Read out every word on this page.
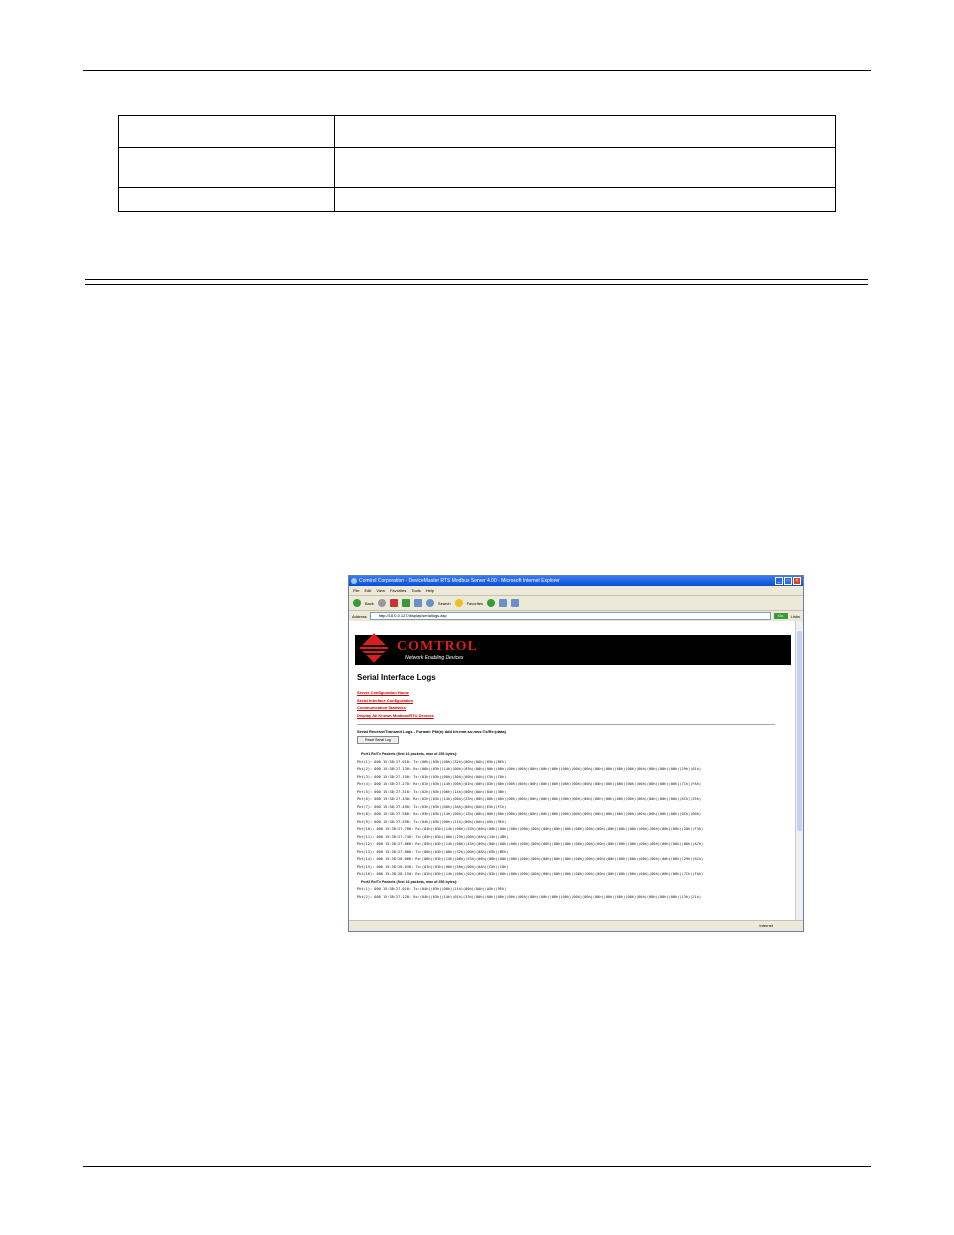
Comtrol Corporation - DeviceMaster RTS Modbus Server 4.00 - Microsoft Internet Explorer	_	□	×
File Edit View Favorites Tools Help
Back	Search	Favorites
Address	http://10.0.0.127/display/seriallogs.asp	Go	Links
COMTROL
Network Enabling Devices
Serial Interface Logs
Server Configuration Home
Serial Interface Configuration
Communication Statistics
Display All Known Modbus/RTU Devices
Serial Receive/Transmit Logs - Format: Pkt(n) ddd hh:mm:ss:mss:Tx/Rx:(data)
Reset Serial Log
Port1 Rx/Tx Packets (first 16 packets, max of 256 bytes):
Pkt(1): 000 15:38:27.010: Tx:(06h)(03h)(00h)(32h)(00h)(0Ah)(65h)(BEh)
Pkt(2): 000 15:38:27.130: Rx:(06h)(03h)(14h)(00h)(03h)(00h)(00h)(00h)(00h)(00h)(00h)(00h)(00h)(00h)(00h)(00h)(00h)(00h)(00h)(00h)(00h)(00h)(00h)(00h)(29h)(61h)
Pkt(3): 000 15:38:27.150: Tx:(01h)(03h)(00h)(30h)(00h)(0Ah)(C5h)(C0h)
Pkt(4): 000 15:38:27.270: Rx:(01h)(03h)(14h)(00h)(02h)(00h)(03h)(00h)(00h)(00h)(00h)(00h)(00h)(00h)(00h)(00h)(00h)(00h)(00h)(00h)(00h)(00h)(00h)(00h)(7Ch)(FAh)
Pkt(5): 000 15:38:27.310: Tx:(02h)(03h)(00h)(14h)(00h)(0Ah)(84h)(3Bh)
Pkt(6): 000 15:38:27.430: Rx:(02h)(03h)(14h)(00h)(23h)(00h)(00h)(00h)(00h)(00h)(00h)(00h)(00h)(00h)(00h)(00h)(00h)(00h)(00h)(00h)(00h)(00h)(00h)(00h)(8Ch)(25h)
Pkt(7): 000 15:38:27.450: Tx:(03h)(03h)(00h)(3Ah)(00h)(0Ah)(E5h)(FCh)
Pkt(8): 000 15:38:27.580: Rx:(03h)(03h)(14h)(00h)(13h)(00h)(00h)(00h)(00h)(00h)(00h)(00h)(00h)(00h)(00h)(00h)(00h)(00h)(00h)(00h)(00h)(00h)(00h)(00h)(0Ch)(60h)
Pkt(9): 000 15:38:27.590: Tx:(04h)(03h)(00h)(11h)(00h)(0Ah)(A5h)(9Eh)
Pkt(10): 000 15:38:27.700: Rx:(04h)(03h)(14h)(00h)(33h)(00h)(00h)(00h)(00h)(00h)(00h)(00h)(00h)(00h)(00h)(00h)(00h)(00h)(00h)(00h)(00h)(00h)(00h)(00h)(28h)(F3h)
Pkt(11): 000 15:38:27.740: Tx:(05h)(03h)(00h)(29h)(00h)(0Ah)(14h)(4Bh)
Pkt(12): 000 15:38:27.860: Rx:(05h)(03h)(14h)(00h)(43h)(00h)(00h)(00h)(00h)(00h)(00h)(00h)(00h)(00h)(00h)(00h)(00h)(00h)(00h)(00h)(00h)(00h)(00h)(00h)(86h)(A7h)
Pkt(13): 000 15:38:27.880: Tx:(06h)(03h)(00h)(32h)(00h)(0Ah)(65h)(BEh)
Pkt(14): 000 15:38:28.000: Rx:(06h)(03h)(14h)(00h)(53h)(00h)(00h)(00h)(00h)(00h)(00h)(00h)(00h)(00h)(00h)(00h)(00h)(00h)(00h)(00h)(00h)(00h)(00h)(00h)(29h)(61h)
Pkt(15): 000 15:38:28.030: Tx:(01h)(03h)(00h)(30h)(00h)(0Ah)(C5h)(C0h)
Pkt(16): 000 15:38:28.150: Rx:(01h)(03h)(14h)(00h)(02h)(00h)(03h)(00h)(00h)(00h)(00h)(00h)(00h)(00h)(00h)(00h)(00h)(00h)(00h)(00h)(00h)(00h)(00h)(00h)(7Ch)(FAh)
Port2 Rx/Tx Packets (first 16 packets, max of 256 bytes):
Pkt(1): 000 15:38:27.010: Tx:(04h)(03h)(00h)(11h)(00h)(0Ah)(A5h)(9Eh)
Pkt(2): 000 15:38:27.120: Rx:(04h)(03h)(14h)(01h)(33h)(00h)(00h)(00h)(00h)(00h)(00h)(00h)(00h)(00h)(00h)(00h)(00h)(00h)(00h)(00h)(00h)(00h)(00h)(00h)(13h)(21h)
Internet
